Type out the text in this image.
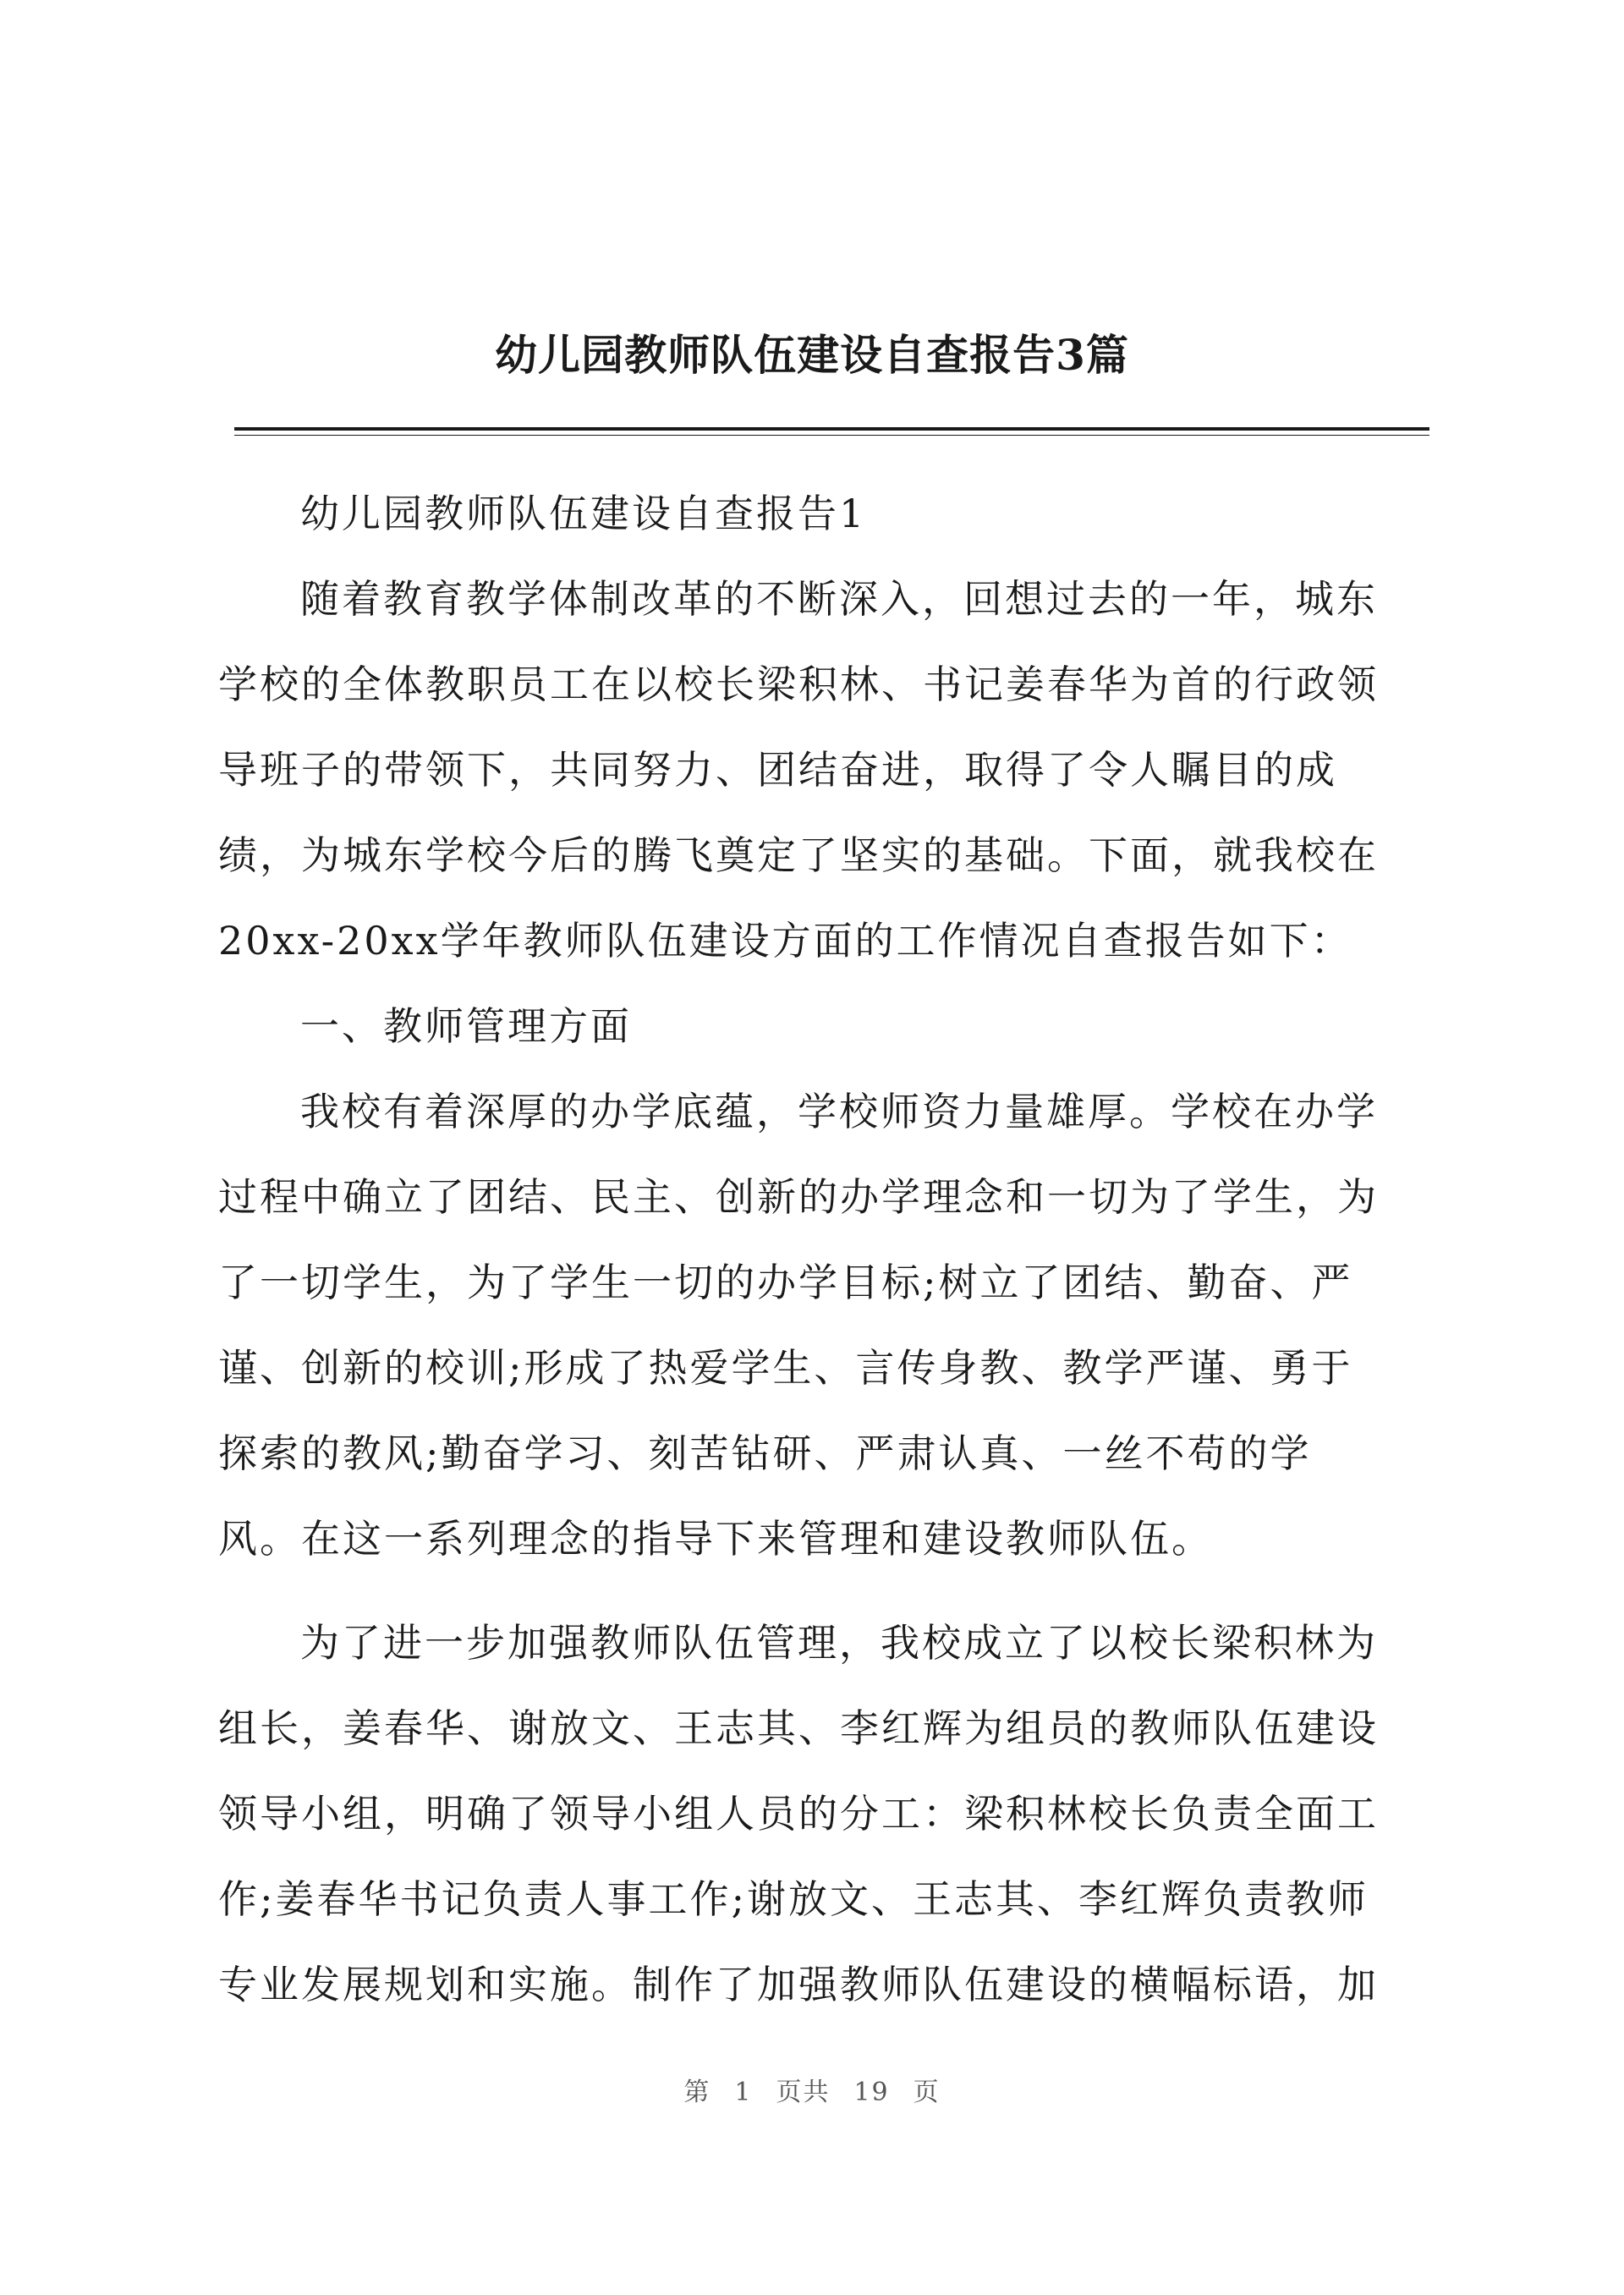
幼儿园教师队伍建设自查报告3篇
幼儿园教师队伍建设自查报告1
随着教育教学体制改革的不断深入，回想过去的一年，城东
学校的全体教职员工在以校长梁积林、书记姜春华为首的行政领
导班子的带领下，共同努力、团结奋进，取得了令人瞩目的成
绩，为城东学校今后的腾飞奠定了坚实的基础。下面，就我校在
20xx-20xx学年教师队伍建设方面的工作情况自查报告如下：
一、教师管理方面
我校有着深厚的办学底蕴，学校师资力量雄厚。学校在办学
过程中确立了团结、民主、创新的办学理念和一切为了学生，为
了一切学生，为了学生一切的办学目标;树立了团结、勤奋、严
谨、创新的校训;形成了热爱学生、言传身教、教学严谨、勇于
探索的教风;勤奋学习、刻苦钻研、严肃认真、一丝不苟的学
风。在这一系列理念的指导下来管理和建设教师队伍。
为了进一步加强教师队伍管理，我校成立了以校长梁积林为
组长，姜春华、谢放文、王志其、李红辉为组员的教师队伍建设
领导小组，明确了领导小组人员的分工：梁积林校长负责全面工
作;姜春华书记负责人事工作;谢放文、王志其、李红辉负责教师
专业发展规划和实施。制作了加强教师队伍建设的横幅标语，加
第 1 页共 19 页
